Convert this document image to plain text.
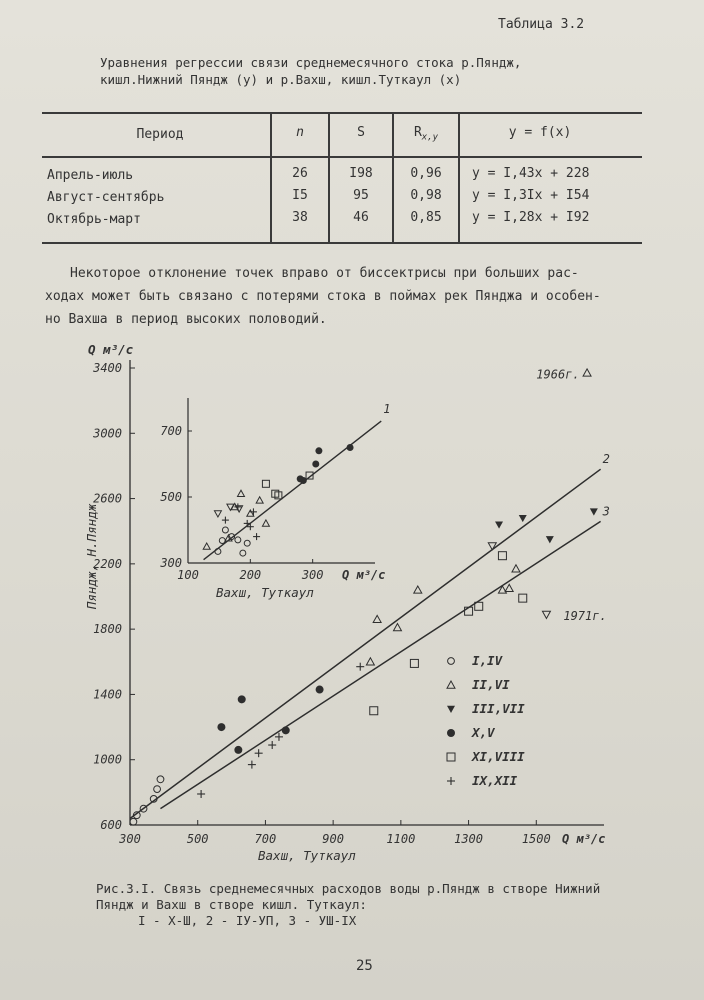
Таблица 3.2
Уравнения регрессии связи среднемесячного стока р.Пяндж,
кишл.Нижний Пяндж (у) и р.Вахш, кишл.Туткаул (х)
Период	n	S	$R_{x,y}$	y = f(x)
Апрель-июль	26	I98	0,96	y = I,43x + 228
Август-сентябрь	I5	95	0,98	y = I,3Ix + I54
Октябрь-март	38	46	0,85	y = I,28x + I92
Некоторое отклонение точек вправо от биссектрисы при больших рас-
ходах может быть связано с потерями стока в поймах рек Пянджа и особен-
но Вахша в период высоких половодий.
600
1000
1400
1800
2200
2600
3000
3400
300	500	700	900	1100	1300	1500
Q м³/с
Пяндж, Н.Пяндж
Вахш, Туткаул
Q м³/с
2
3
1966г.
1971г.
300
500
700
100	200	300 Q м³/с
Вахш, Туткаул
1
I,IV
II,VI
III,VII
X,V
XI,VIII
IX,XII
Рис.3.I. Связь среднемесячных расходов воды р.Пяндж в створе Нижний
Пяндж и Вахш в створе кишл. Туткаул:
I - X-Ш, 2 - IУ-УП, 3 - УШ-IX
25
